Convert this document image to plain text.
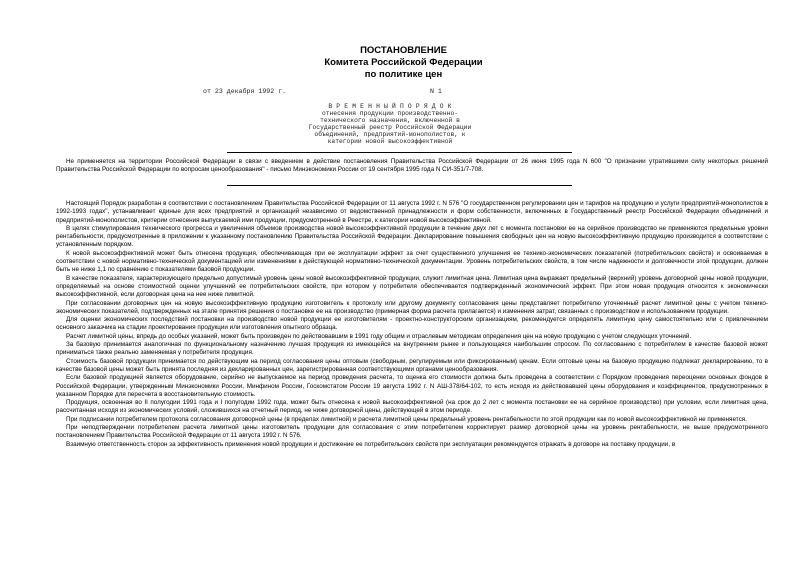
ПОСТАНОВЛЕНИЕ
Комитета Российской Федерации
по политике цен
от 23 декабря 1992 г.	N 1
В Р Е М Е Н Н Ы Й П О Р Я Д О К
отнесения продукции производственно-
технического назначения, включенной в
Государственный реестр Российской Федерации
объединений, предприятий-монополистов, к
категории новой высокоэффективной

Не применяется на территории Российской Федерации в связи с введением в действие постановления Правительства Российской Федерации от 26 июня 1995 года N 600 "О признании утратившими силу некоторых решений Правительства Российской Федерации по вопросам ценообразования" - письмо Минэкономики России от 19 сентября 1995 года N СИ-351/7-708.

Настоящий Порядок разработан в соответствии с постановлением Правительства Российской Федерации от 11 августа 1992 г. N 576 "О государственном регулировании цен и тарифов на продукцию и услуги предприятий-монополистов в 1992-1993 годах", устанавливает единые для всех предприятий и организаций независимо от ведомственной принадлежности и форм собственности, включенных в Государственный реестр Российской Федерации объединений и предприятий-монополистов, критерии отнесения выпускаемой ими продукции, предусмотренной в Реестре, к категории новой высокоэффективной.

В целях стимулирования технического прогресса и увеличения объемов производства новой высокоэффективной продукции в течение двух лет с момента постановки ее на серийное производство не применяются предельные уровни рентабельности, предусмотренные в приложении к указанному постановлению Правительства Российской Федерации. Декларирование повышения свободных цен на новую высокоэффективную продукцию производится в соответствии с установленным порядком.

К новой высокоэффективной может быть отнесена продукция, обеспечивающая при ее эксплуатации эффект за счет существенного улучшения ее технико-экономических показателей (потребительских свойств) и освоиваемая в соответствии с новой нормативно-технической документацией или изменениями к действующей нормативно-технической документации. Уровень потребительских свойств, в том числе надежности и долговечности этой продукции, должен быть не ниже 1,1 по сравнению с показателями базовой продукции.

В качестве показателя, характеризующего предельно допустимый уровень цены новой высокоэффективной продукции, служит лимитная цена. Лимитная цена выражает предельный (верхний) уровень договорной цены новой продукции, определяемый на основе стоимостной оценки улучшений ее потребительских свойств, при котором у потребителя обеспечивается подтвержденный экономический эффект. При этом новая продукция относится к экономически высокоэффективной, если договорная цена на нее ниже лимитной.

При согласовании договорных цен на новую высокоэффективную продукцию изготовитель к протоколу или другому документу согласования цены представляет потребителю уточненный расчет лимитной цены с учетом технико-экономических показателей, подтвержденных на этапе принятия решения о постановке ее на производство (примерная форма расчета прилагается) и изменения затрат, связанных с производством и использованием продукции.

Для оценки экономических последствий постановки на производство новой продукции ее изготовителям - проектно-конструкторским организациям, рекомендуется определять лимитную цену самостоятельно или с привлечением основного заказчика на стадии проектирования продукции или изготовления опытного образца.

Расчет лимитной цены, впредь до особых указаний, может быть произведен по действовавшим в 1991 году общим и отраслевым методикам определения цен на новую продукцию с учетом следующих уточнений.

За базовую принимается аналогичная по функциональному назначению лучшая продукция из имеющейся на внутреннем рынке и пользующаяся наибольшим спросом. По согласованию с потребителем в качестве базовой может приниматься также реально заменяемая у потребителя продукция.

Стоимость базовой продукции принимается по действующим на период согласования цены оптовым (свободным, регулируемым или фиксированным) ценам. Если оптовые цены на базовую продукцию подлежат декларированию, то в качестве базовой цены может быть принята последняя из декларированных цен, зарегистрированная соответствующими органами ценообразования.

Если базовой продукцией является оборудование, серийно не выпускаемое на период проведения расчета, то оценка его стоимости должна быть проведена в соответствии с Порядком проведения переоценки основных фондов в Российской Федерации, утвержденным Минэкономики России, Минфином России, Госкомстатом России 19 августа 1992 г. N АШ-378/64-102, то есть исходя из действовавшей цены оборудования и коэффициентов, предусмотренных в указанном Порядке для пересчета в восстановительную стоимость.

Продукция, освоенная во II полугодии 1991 года и I полугодии 1992 года, может быть отнесена к новой высокоэффективной (на срок до 2 лет с момента постановки ее на серийное производство) при условии, если лимитная цена, рассчитанная исходя из экономических условий, сложившихся на отчетный период, не ниже договорной цены, действующей в этом периоде.

При подписании потребителем протокола согласования договорной цены (в пределах лимитной) и расчета лимитной цены предельный уровень рентабельности по этой продукции как по новой высокоэффективной не применяется.

При неподтверждении потребителем расчета лимитной цены изготовитель продукции для согласования с этим потребителем корректирует размер договорной цены на уровень рентабельности, не выше предусмотренного постановлением Правительства Российской Федерации от 11 августа 1992 г. N 576.

Взаимную ответственность сторон за эффективность применения новой продукции и достижение ее потребительских свойств при эксплуатации рекомендуется отражать в договоре на поставку продукции, в
